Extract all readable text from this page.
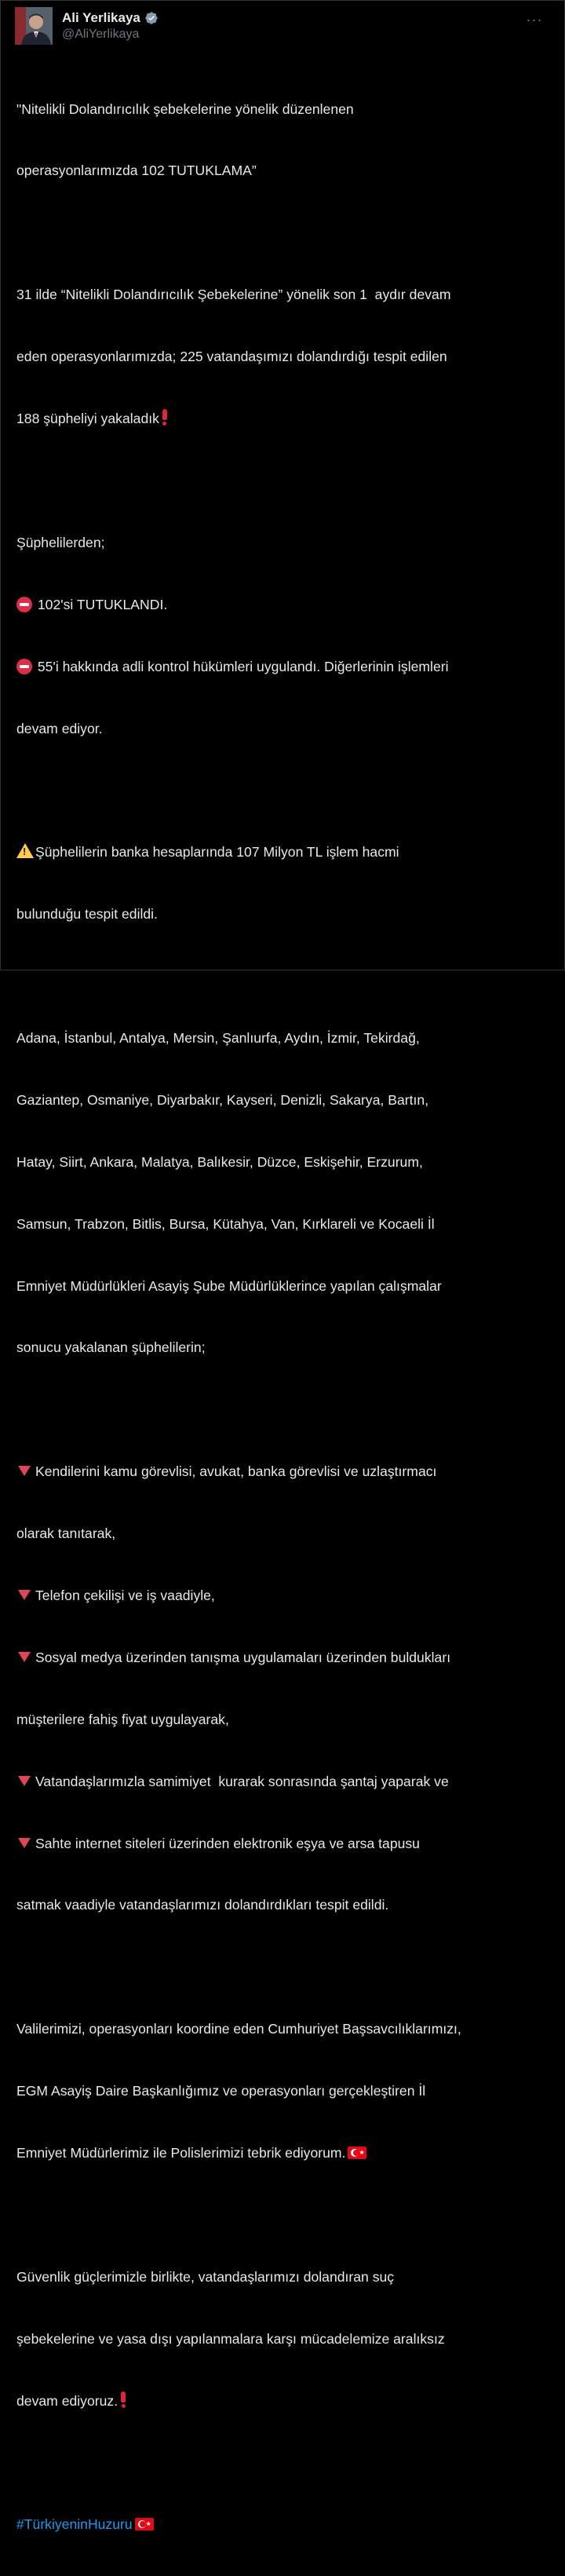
Ali Yerlikaya
@AliYerlikaya
···

"Nitelikli Dolandırıcılık şebekelerine yönelik düzenlenen

operasyonlarımızda 102 TUTUKLAMA”

31 ilde “Nitelikli Dolandırıcılık Şebekelerine” yönelik son 1  aydır devam

eden operasyonlarımızda; 225 vatandaşımızı dolandırdığı tespit edilen

188 şüpheliyi yakaladık

Şüphelilerden;

102'si TUTUKLANDI.

55'i hakkında adli kontrol hükümleri uygulandı. Diğerlerinin işlemleri

devam ediyor.

!Şüphelilerin banka hesaplarında 107 Milyon TL işlem hacmi

bulunduğu tespit edildi.

Adana, İstanbul, Antalya, Mersin, Şanlıurfa, Aydın, İzmir, Tekirdağ,

Gaziantep, Osmaniye, Diyarbakır, Kayseri, Denizli, Sakarya, Bartın,

Hatay, Siirt, Ankara, Malatya, Balıkesir, Düzce, Eskişehir, Erzurum,

Samsun, Trabzon, Bitlis, Bursa, Kütahya, Van, Kırklareli ve Kocaeli İl

Emniyet Müdürlükleri Asayiş Şube Müdürlüklerince yapılan çalışmalar

sonucu yakalanan şüphelilerin;

Kendilerini kamu görevlisi, avukat, banka görevlisi ve uzlaştırmacı

olarak tanıtarak,

Telefon çekilişi ve iş vaadiyle,

Sosyal medya üzerinden tanışma uygulamaları üzerinden buldukları

müşterilere fahiş fiyat uygulayarak,

Vatandaşlarımızla samimiyet  kurarak sonrasında şantaj yaparak ve

Sahte internet siteleri üzerinden elektronik eşya ve arsa tapusu

satmak vaadiyle vatandaşlarımızı dolandırdıkları tespit edildi.

Valilerimizi, operasyonları koordine eden Cumhuriyet Başsavcılıklarımızı,

EGM Asayiş Daire Başkanlığımız ve operasyonları gerçekleştiren İl

Emniyet Müdürlerimiz ile Polislerimizi tebrik ediyorum. ★

Güvenlik güçlerimizle birlikte, vatandaşlarımızı dolandıran suç

şebekelerine ve yasa dışı yapılanmalara karşı mücadelemize aralıksız

devam ediyoruz.

#TürkiyeninHuzuru ★
